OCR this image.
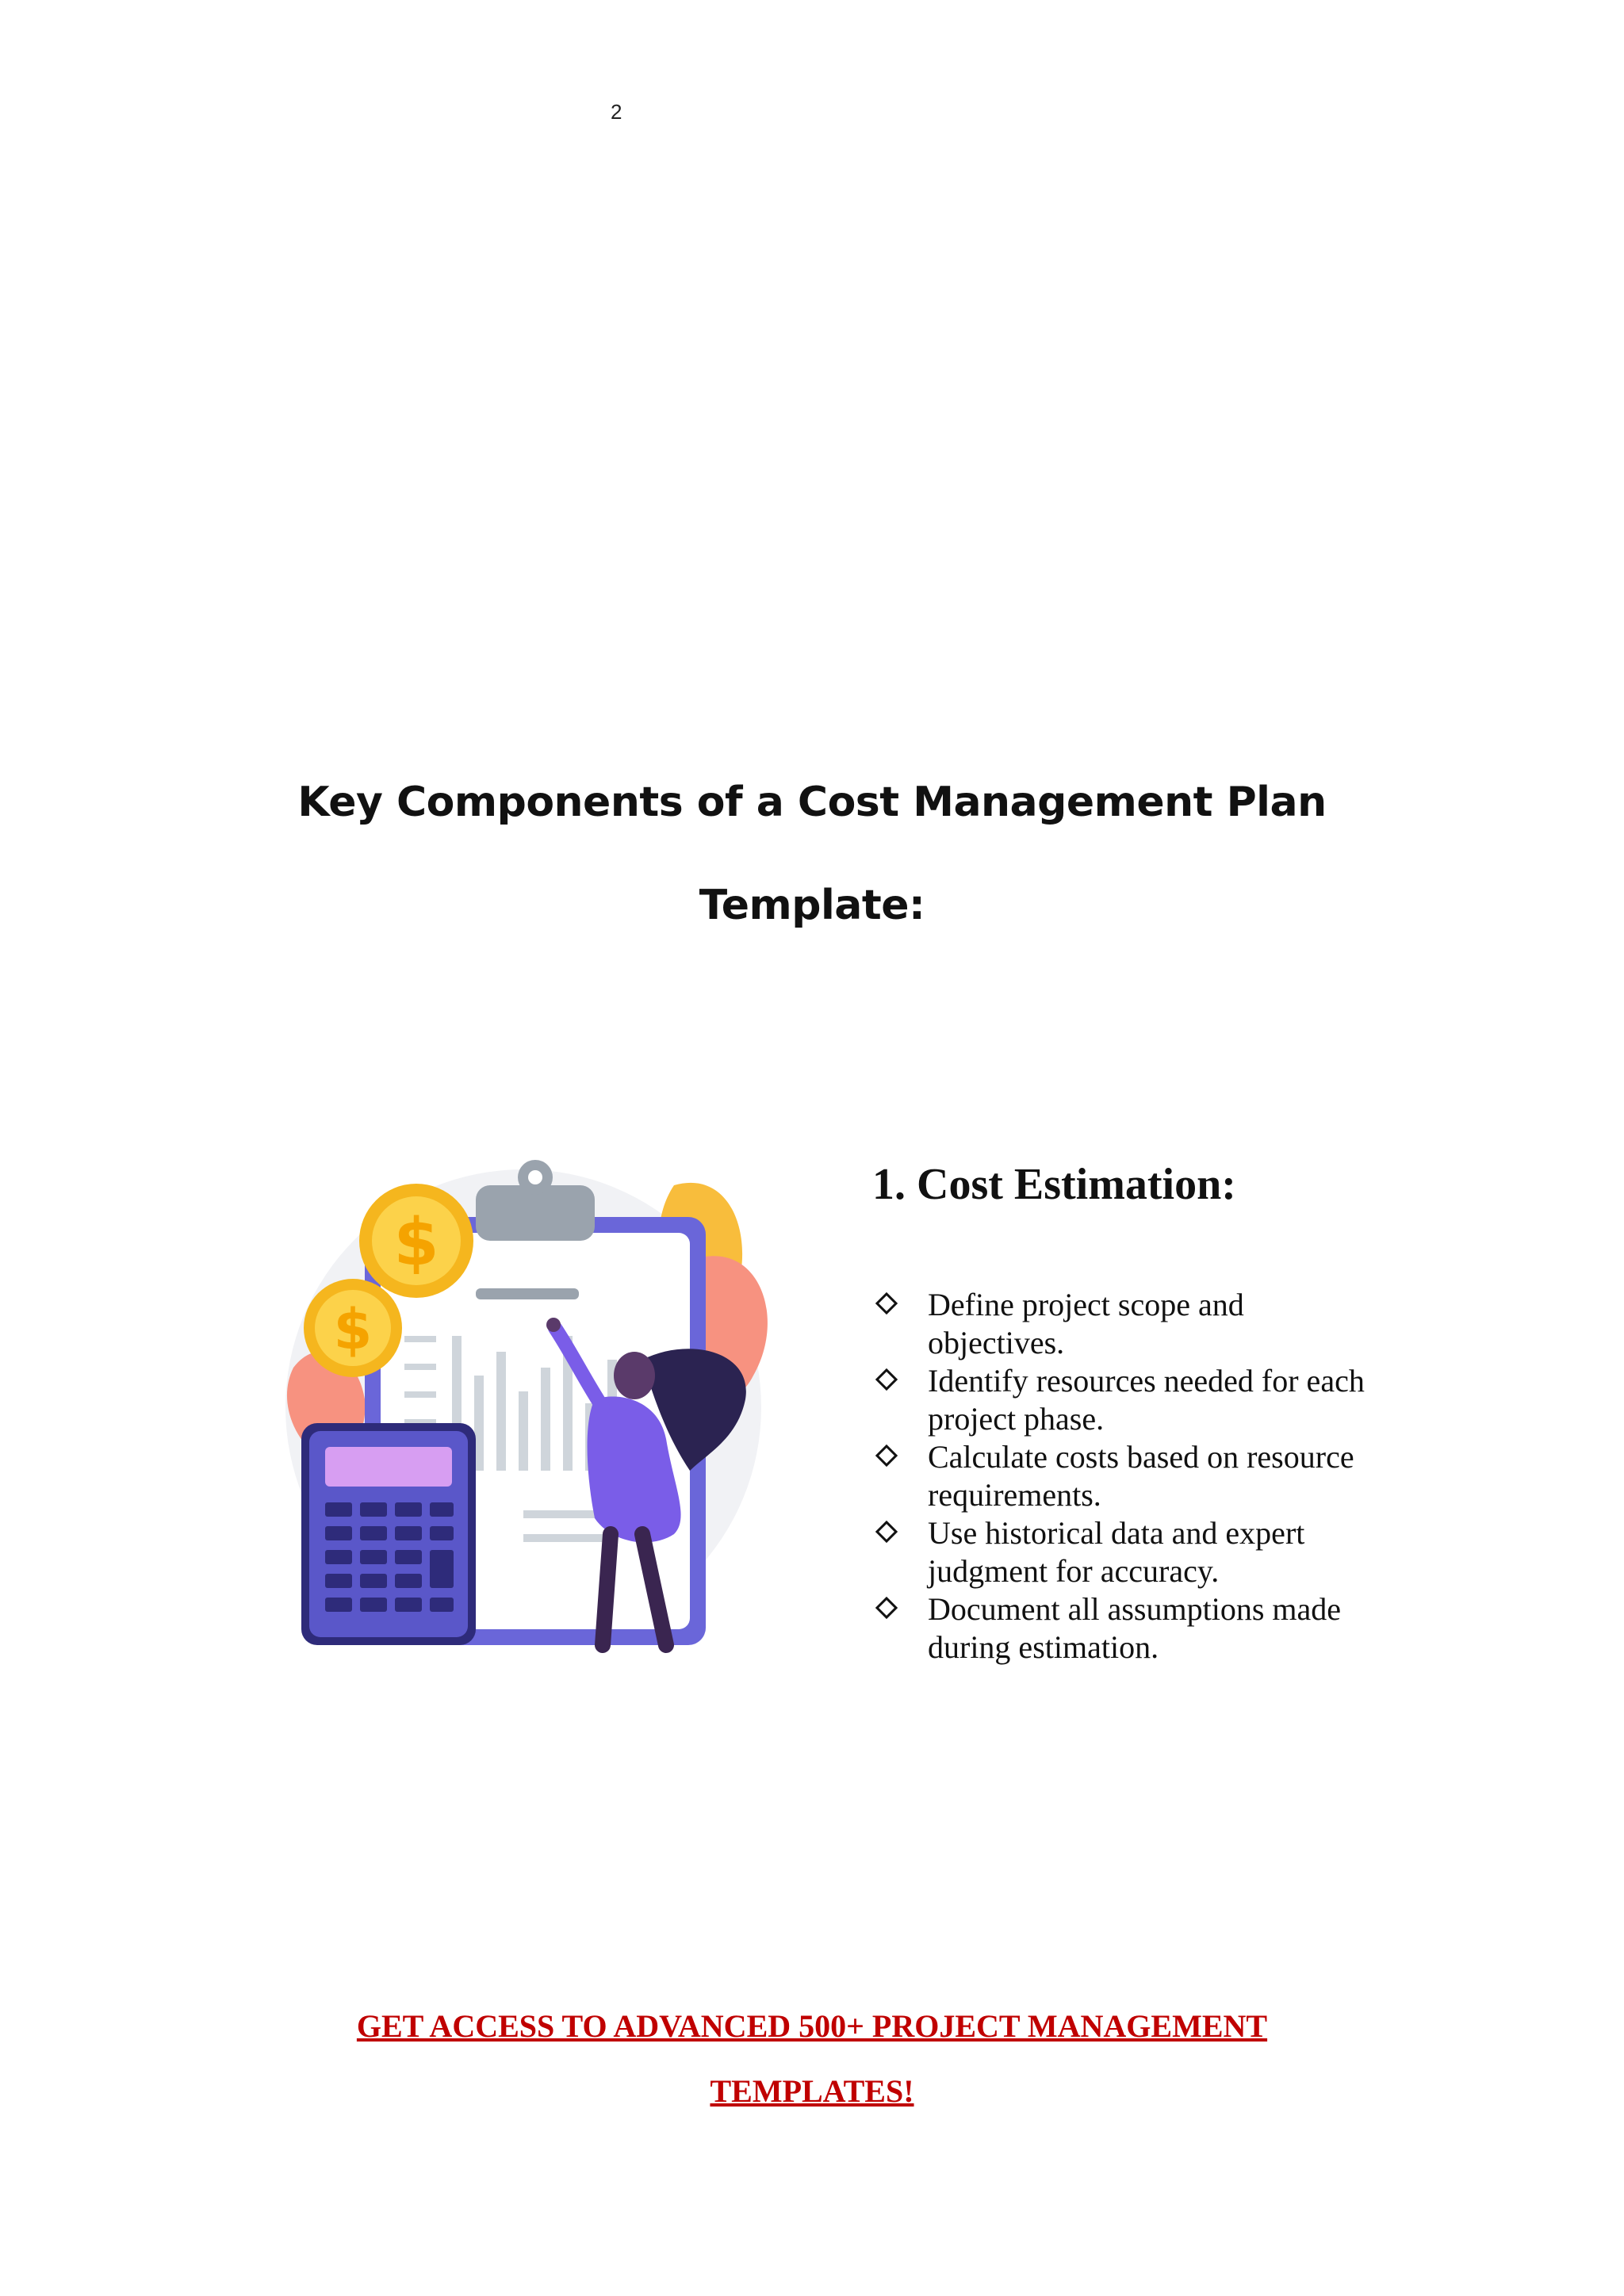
2
Key Components of a Cost Management Plan
Template:
$
$
1. Cost Estimation:
Define project scope and
objectives.
Identify resources needed for each
project phase.
Calculate costs based on resource
requirements.
Use historical data and expert
judgment for accuracy.
Document all assumptions made
during estimation.
GET ACCESS TO ADVANCED 500+ PROJECT MANAGEMENT
TEMPLATES!
